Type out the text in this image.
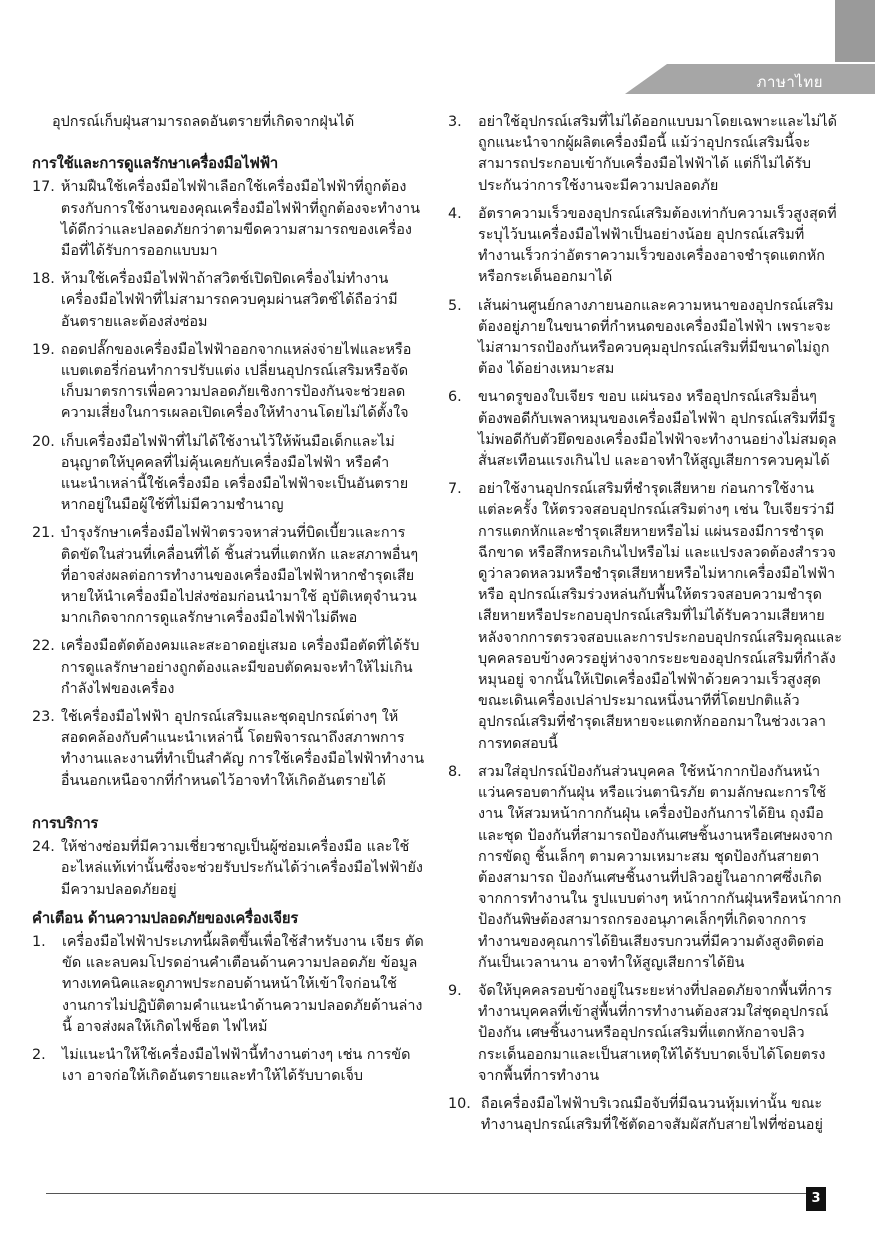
ภาษาไทย

อุปกรณ์เก็บฝุ่นสามารถลดอันตรายที่เกิดจากฝุ่นได้

การใช้และการดูแลรักษาเครื่องมือไฟฟ้า

17. ห้ามฝืนใช้เครื่องมือไฟฟ้าเลือกใช้เครื่องมือไฟฟ้าที่ถูกต้องตรงกับการใช้งานของคุณเครื่องมือไฟฟ้าที่ถูกต้องจะทำงานได้ดีกว่าและปลอดภัยกว่าตามขีดความสามารถของเครื่องมือที่ได้รับการออกแบบมา
18. ห้ามใช้เครื่องมือไฟฟ้าถ้าสวิตช์เปิดปิดเครื่องไม่ทำงาน เครื่องมือไฟฟ้าที่ไม่สามารถควบคุมผ่านสวิตช์ได้ถือว่ามีอันตรายและต้องส่งซ่อม
19. ถอดปลั๊กของเครื่องมือไฟฟ้าออกจากแหล่งจ่ายไฟและหรือแบตเตอรี่ก่อนทำการปรับแต่ง เปลี่ยนอุปกรณ์เสริมหรือจัดเก็บมาตรการเพื่อความปลอดภัยเชิงการป้องกันจะช่วยลดความเสี่ยงในการเผลอเปิดเครื่องให้ทำงานโดยไม่ได้ตั้งใจ
20. เก็บเครื่องมือไฟฟ้าที่ไม่ได้ใช้งานไว้ให้พ้นมือเด็กและไม่อนุญาตให้บุคคลที่ไม่คุ้นเคยกับเครื่องมือไฟฟ้า หรือคำแนะนำเหล่านี้ใช้เครื่องมือ เครื่องมือไฟฟ้าจะเป็นอันตรายหากอยู่ในมือผู้ใช้ที่ไม่มีความชำนาญ
21. บำรุงรักษาเครื่องมือไฟฟ้าตรวจหาส่วนที่บิดเบี้ยวและการติดขัดในส่วนที่เคลื่อนที่ได้ ชิ้นส่วนที่แตกหัก และสภาพอื่นๆ ที่อาจส่งผลต่อการทำงานของเครื่องมือไฟฟ้าหากชำรุดเสียหายให้นำเครื่องมือไปส่งซ่อมก่อนนำมาใช้ อุบัติเหตุจำนวนมากเกิดจากการดูแลรักษาเครื่องมือไฟฟ้าไม่ดีพอ
22. เครื่องมือตัดต้องคมและสะอาดอยู่เสมอ เครื่องมือตัดที่ได้รับการดูแลรักษาอย่างถูกต้องและมีขอบตัดคมจะทำให้ไม่เกินกำลังไฟของเครื่อง
23. ใช้เครื่องมือไฟฟ้า อุปกรณ์เสริมและชุดอุปกรณ์ต่างๆ ให้สอดคล้องกับคำแนะนำเหล่านี้ โดยพิจารณาถึงสภาพการทำงานและงานที่ทำเป็นสำคัญ การใช้เครื่องมือไฟฟ้าทำงานอื่นนอกเหนือจากที่กำหนดไว้อาจทำให้เกิดอันตรายได้

การบริการ

24. ให้ช่างซ่อมที่มีความเชี่ยวชาญเป็นผู้ซ่อมเครื่องมือ และใช้อะไหล่แท้เท่านั้นซึ่งจะช่วยรับประกันได้ว่าเครื่องมือไฟฟ้ายังมีความปลอดภัยอยู่

คำเตือน ด้านความปลอดภัยของเครื่องเจียร

1.	เครื่องมือไฟฟ้าประเภทนี้ผลิตขึ้นเพื่อใช้สำหรับงาน เจียร ตัด ขัด และลบคมโปรดอ่านคำเตือนด้านความปลอดภัย ข้อมูลทางเทคนิคและดูภาพประกอบด้านหน้าให้เข้าใจก่อนใช้งานการไม่ปฏิบัติตามคำแนะนำด้านความปลอดภัยด้านล่างนี้ อาจส่งผลให้เกิดไฟช็อต ไฟไหม้
2.	ไม่แนะนำให้ใช้เครื่องมือไฟฟ้านี้ทำงานต่างๆ เช่น การขัดเงา อาจก่อให้เกิดอันตรายและทำให้ได้รับบาดเจ็บ
3.	อย่าใช้อุปกรณ์เสริมที่ไม่ได้ออกแบบมาโดยเฉพาะและไม่ได้ถูกแนะนำจากผู้ผลิตเครื่องมือนี้ แม้ว่าอุปกรณ์เสริมนี้จะสามารถประกอบเข้ากับเครื่องมือไฟฟ้าได้ แต่ก็ไม่ได้รับประกันว่าการใช้งานจะมีความปลอดภัย
4.	อัตราความเร็วของอุปกรณ์เสริมต้องเท่ากับความเร็วสูงสุดที่ระบุไว้บนเครื่องมือไฟฟ้าเป็นอย่างน้อย อุปกรณ์เสริมที่ทำงานเร็วกว่าอัตราความเร็วของเครื่องอาจชำรุดแตกหักหรือกระเด็นออกมาได้
5.	เส้นผ่านศูนย์กลางภายนอกและความหนาของอุปกรณ์เสริม ต้องอยู่ภายในขนาดที่กำหนดของเครื่องมือไฟฟ้า เพราะจะไม่สามารถป้องกันหรือควบคุมอุปกรณ์เสริมที่มีขนาดไม่ถูกต้อง ได้อย่างเหมาะสม
6.	ขนาดรูของใบเจียร ขอบ แผ่นรอง หรืออุปกรณ์เสริมอื่นๆ ต้องพอดีกับเพลาหมุนของเครื่องมือไฟฟ้า อุปกรณ์เสริมที่มีรูไม่พอดีกับตัวยึดของเครื่องมือไฟฟ้าจะทำงานอย่างไม่สมดุล สั่นสะเทือนแรงเกินไป และอาจทำให้สูญเสียการควบคุมได้
7.	อย่าใช้งานอุปกรณ์เสริมที่ชำรุดเสียหาย ก่อนการใช้งานแต่ละครั้ง ให้ตรวจสอบอุปกรณ์เสริมต่างๆ เช่น ใบเจียรว่ามีการแตกหักและชำรุดเสียหายหรือไม่ แผ่นรองมีการชำรุดฉีกขาด หรือสึกหรอเกินไปหรือไม่ และแปรงลวดต้องสำรวจดูว่าลวดหลวมหรือชำรุดเสียหายหรือไม่หากเครื่องมือไฟฟ้าหรือ อุปกรณ์เสริมร่วงหล่นกับพื้นให้ตรวจสอบความชำรุดเสียหายหรือประกอบอุปกรณ์เสริมที่ไม่ได้รับความเสียหาย หลังจากการตรวจสอบและการประกอบอุปกรณ์เสริมคุณและบุคคลรอบข้างควรอยู่ห่างจากระยะของอุปกรณ์เสริมที่กำลังหมุนอยู่ จากนั้นให้เปิดเครื่องมือไฟฟ้าด้วยความเร็วสูงสุดขณะเดินเครื่องเปล่าประมาณหนึ่งนาทีที่โดยปกติแล้วอุปกรณ์เสริมที่ชำรุดเสียหายจะแตกหักออกมาในช่วงเวลาการทดสอบนี้
8.	สวมใส่อุปกรณ์ป้องกันส่วนบุคคล ใช้หน้ากากป้องกันหน้าแว่นครอบตากันฝุ่น หรือแว่นตานิรภัย ตามลักษณะการใช้งาน ให้สวมหน้ากากกันฝุ่น เครื่องป้องกันการได้ยิน ถุงมือและชุด ป้องกันที่สามารถป้องกันเศษชิ้นงานหรือเศษผงจากการขัดถู ชิ้นเล็กๆ ตามความเหมาะสม ชุดป้องกันสายตาต้องสามารถ ป้องกันเศษชิ้นงานที่ปลิวอยู่ในอากาศซึ่งเกิดจากการทำงานใน รูปแบบต่างๆ หน้ากากกันฝุ่นหรือหน้ากากป้องกันพิษต้องสามารถกรองอนุภาคเล็กๆที่เกิดจากการทำงานของคุณการได้ยินเสียงรบกวนที่มีความดังสูงติดต่อกันเป็นเวลานาน อาจทำให้สูญเสียการได้ยิน
9.	จัดให้บุคคลรอบข้างอยู่ในระยะห่างที่ปลอดภัยจากพื้นที่การทำงานบุคคลที่เข้าสู่พื้นที่การทำงานต้องสวมใส่ชุดอุปกรณ์ป้องกัน เศษชิ้นงานหรืออุปกรณ์เสริมที่แตกหักอาจปลิวกระเด็นออกมาและเป็นสาเหตุให้ได้รับบาดเจ็บได้โดยตรงจากพื้นที่การทำงาน
10. ถือเครื่องมือไฟฟ้าบริเวณมือจับที่มีฉนวนหุ้มเท่านั้น ขณะทำงานอุปกรณ์เสริมที่ใช้ตัดอาจสัมผัสกับสายไฟที่ซ่อนอยู่
3
